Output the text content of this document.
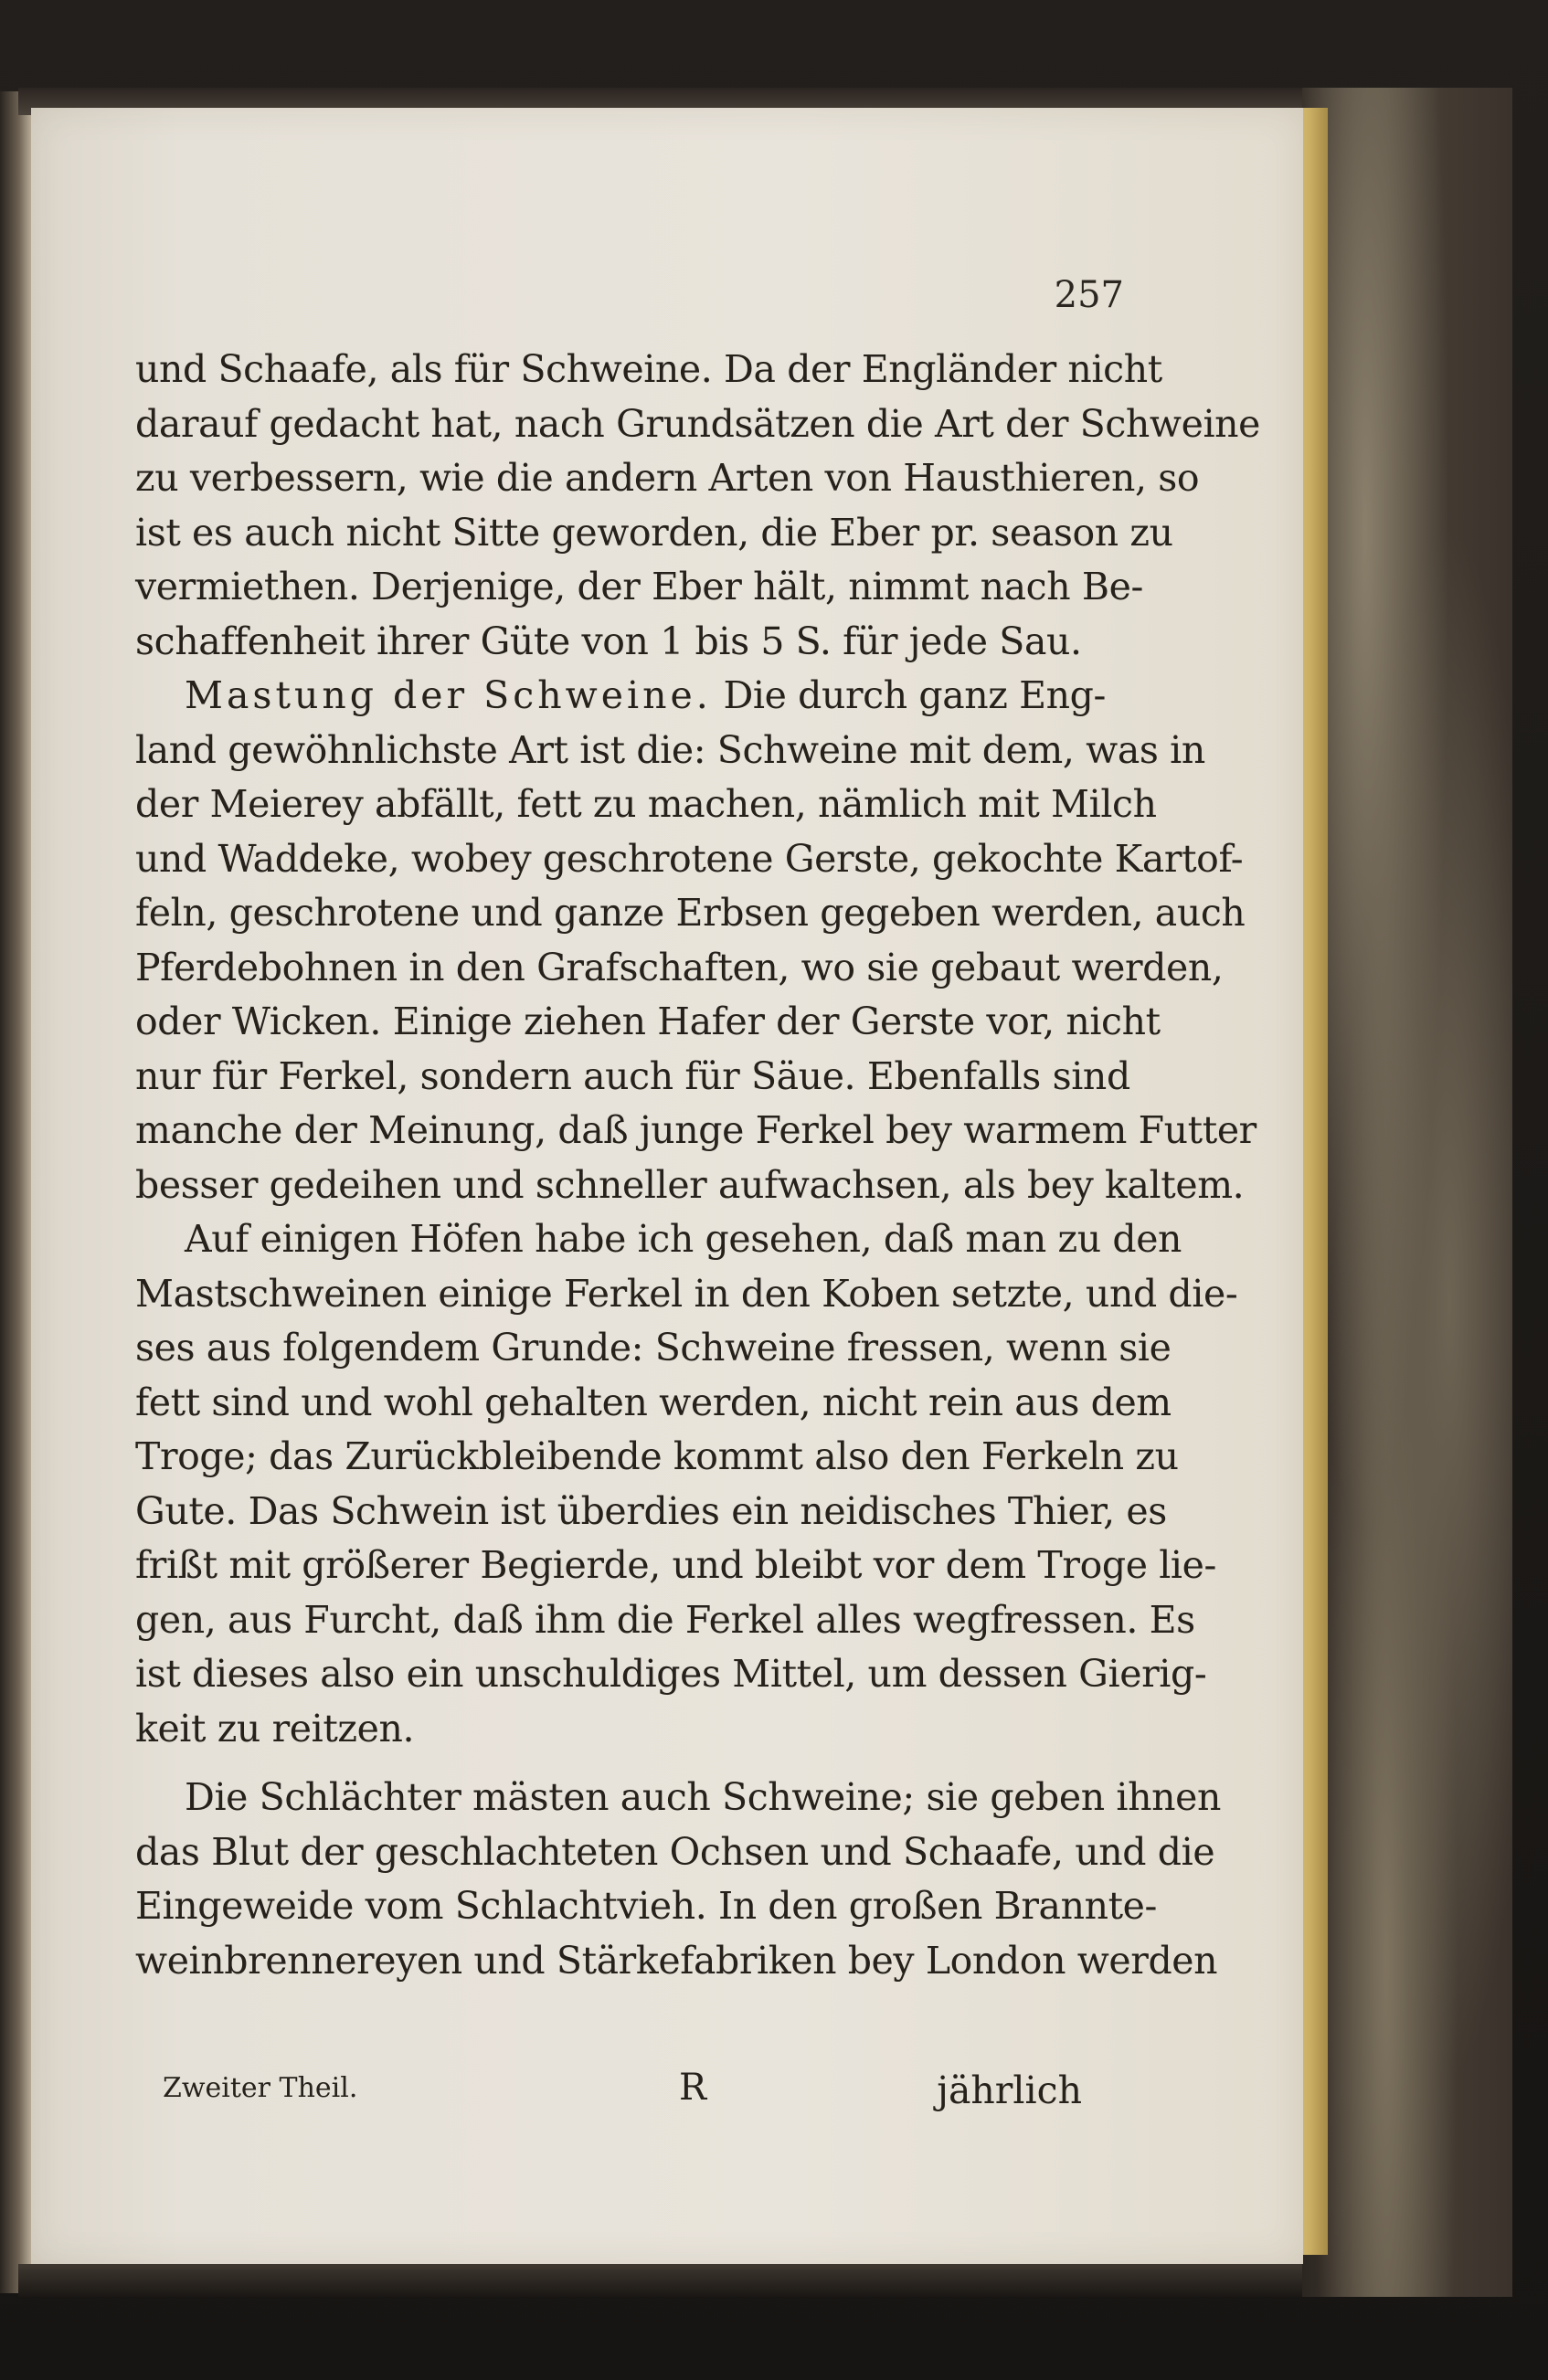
257
und Schaafe, als für Schweine. Da der Engländer nicht
darauf gedacht hat, nach Grundsätzen die Art der Schweine
zu verbessern, wie die andern Arten von Hausthieren, so
ist es auch nicht Sitte geworden, die Eber pr. season zu
vermiethen. Derjenige, der Eber hält, nimmt nach Be-
schaffenheit ihrer Güte von 1 bis 5 S. für jede Sau.
Mastung der Schweine. Die durch ganz Eng-
land gewöhnlichste Art ist die: Schweine mit dem, was in
der Meierey abfällt, fett zu machen, nämlich mit Milch
und Waddeke, wobey geschrotene Gerste, gekochte Kartof-
feln, geschrotene und ganze Erbsen gegeben werden, auch
Pferdebohnen in den Grafschaften, wo sie gebaut werden,
oder Wicken. Einige ziehen Hafer der Gerste vor, nicht
nur für Ferkel, sondern auch für Säue. Ebenfalls sind
manche der Meinung, daß junge Ferkel bey warmem Futter
besser gedeihen und schneller aufwachsen, als bey kaltem.
Auf einigen Höfen habe ich gesehen, daß man zu den
Mastschweinen einige Ferkel in den Koben setzte, und die-
ses aus folgendem Grunde: Schweine fressen, wenn sie
fett sind und wohl gehalten werden, nicht rein aus dem
Troge; das Zurückbleibende kommt also den Ferkeln zu
Gute. Das Schwein ist überdies ein neidisches Thier, es
frißt mit größerer Begierde, und bleibt vor dem Troge lie-
gen, aus Furcht, daß ihm die Ferkel alles wegfressen. Es
ist dieses also ein unschuldiges Mittel, um dessen Gierig-
keit zu reitzen.
Die Schlächter mästen auch Schweine; sie geben ihnen
das Blut der geschlachteten Ochsen und Schaafe, und die
Eingeweide vom Schlachtvieh. In den großen Brannte-
weinbrennereyen und Stärkefabriken bey London werden
Zweiter Theil.	R	jährlich
